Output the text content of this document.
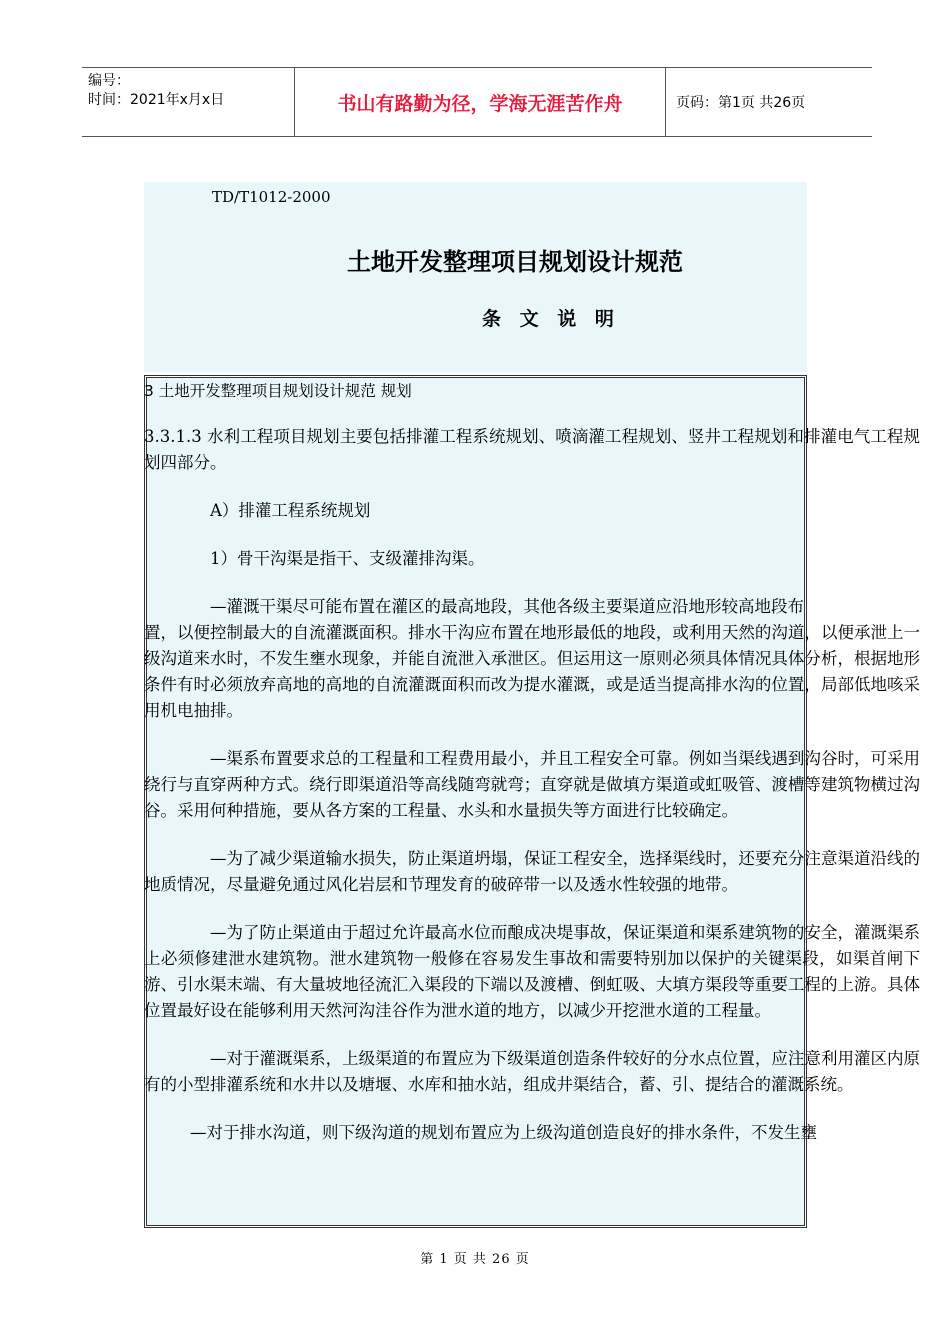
编号：
时间：2021年x月x日	书山有路勤为径，学海无涯苦作舟	页码：第1页 共26页
TD/T1012-2000
土地开发整理项目规划设计规范
条 文 说 明

3 土地开发整理项目规划设计规范 规划

3.3.1.3 水利工程项目规划主要包括排灌工程系统规划、喷滴灌工程规划、竖井工程规划和排灌电气工程规划四部分。

A）排灌工程系统规划

1）骨干沟渠是指干、支级灌排沟渠。

—灌溉干渠尽可能布置在灌区的最高地段，其他各级主要渠道应沿地形较高地段布

置，以便控制最大的自流灌溉面积。排水干沟应布置在地形最低的地段，或利用天然的沟道，以便承泄上一级沟道来水时，不发生壅水现象，并能自流泄入承泄区。但运用这一原则必须具体情况具体分析，根据地形条件有时必须放弃高地的高地的自流灌溉面积而改为提水灌溉，或是适当提高排水沟的位置，局部低地咳采用机电抽排。

—渠系布置要求总的工程量和工程费用最小，并且工程安全可靠。例如当渠线遇到沟谷时，可采用绕行与直穿两种方式。绕行即渠道沿等高线随弯就弯；直穿就是做填方渠道或虹吸管、渡槽等建筑物横过沟谷。采用何种措施，要从各方案的工程量、水头和水量损失等方面进行比较确定。

—为了减少渠道输水损失，防止渠道坍塌，保证工程安全，选择渠线时，还要充分注意渠道沿线的地质情况，尽量避免通过风化岩层和节理发育的破碎带一以及透水性较强的地带。

—为了防止渠道由于超过允许最高水位而酿成决堤事故，保证渠道和渠系建筑物的安全，灌溉渠系上必须修建泄水建筑物。泄水建筑物一般修在容易发生事故和需要特别加以保护的关键渠段，如渠首闸下游、引水渠末端、有大量坡地径流汇入渠段的下端以及渡槽、倒虹吸、大填方渠段等重要工程的上游。具体位置最好设在能够利用天然河沟洼谷作为泄水道的地方，以减少开挖泄水道的工程量。

—对于灌溉渠系，上级渠道的布置应为下级渠道创造条件较好的分水点位置，应注意利用灌区内原有的小型排灌系统和水井以及塘堰、水库和抽水站，组成井渠结合，蓄、引、提结合的灌溉系统。

—对于排水沟道，则下级沟道的规划布置应为上级沟道创造良好的排水条件，不发生壅

第 1 页 共 26 页
